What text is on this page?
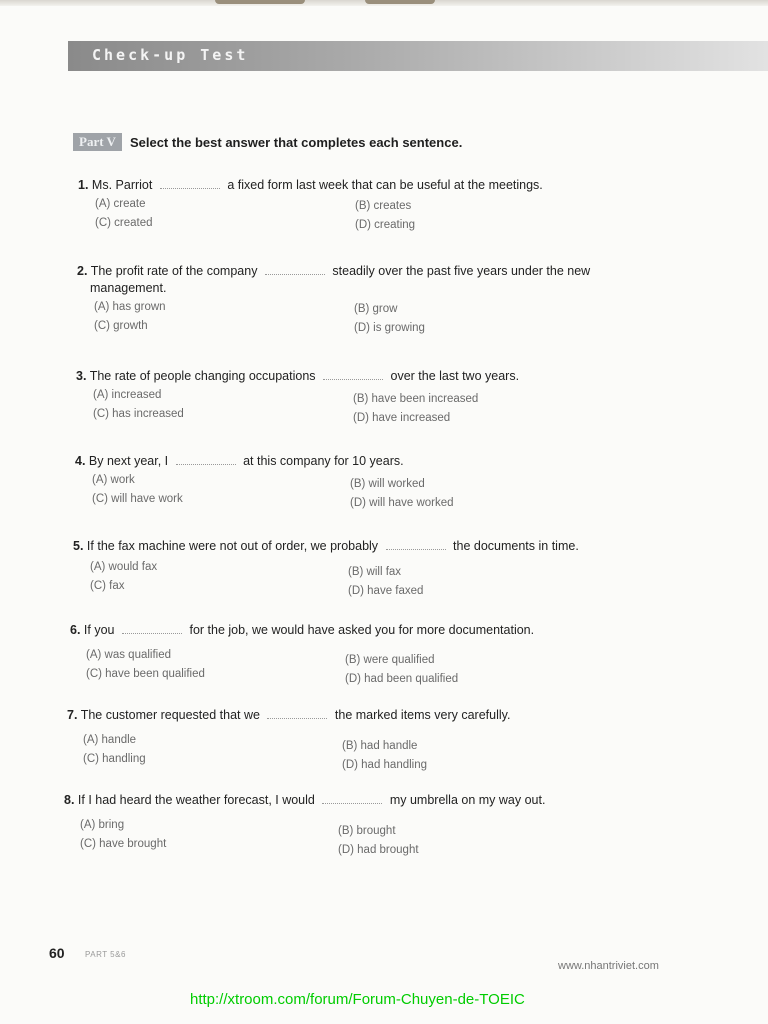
Check-up Test
Part V	Select the best answer that completes each sentence.
1. Ms. Parriot	a fixed form last week that can be useful at the meetings.
(A) create	(B) creates
(C) created	(D) creating
2. The profit rate of the company	steadily over the past five years under the new
management.
(A) has grown	(B) grow
(C) growth	(D) is growing
3. The rate of people changing occupations	over the last two years.
(A) increased	(B) have been increased
(C) has increased	(D) have increased
4. By next year, I	at this company for 10 years.
(A) work	(B) will worked
(C) will have work	(D) will have worked
5. If the fax machine were not out of order, we probably	the documents in time.
(A) would fax	(B) will fax
(C) fax	(D) have faxed
6. If you	for the job, we would have asked you for more documentation.
(A) was qualified	(B) were qualified
(C) have been qualified	(D) had been qualified
7. The customer requested that we	the marked items very carefully.
(A) handle	(B) had handle
(C) handling	(D) had handling
8. If I had heard the weather forecast, I would	my umbrella on my way out.
(A) bring	(B) brought
(C) have brought	(D) had brought
60	PART 5&6
www.nhantriviet.com
http://xtroom.com/forum/Forum-Chuyen-de-TOEIC
